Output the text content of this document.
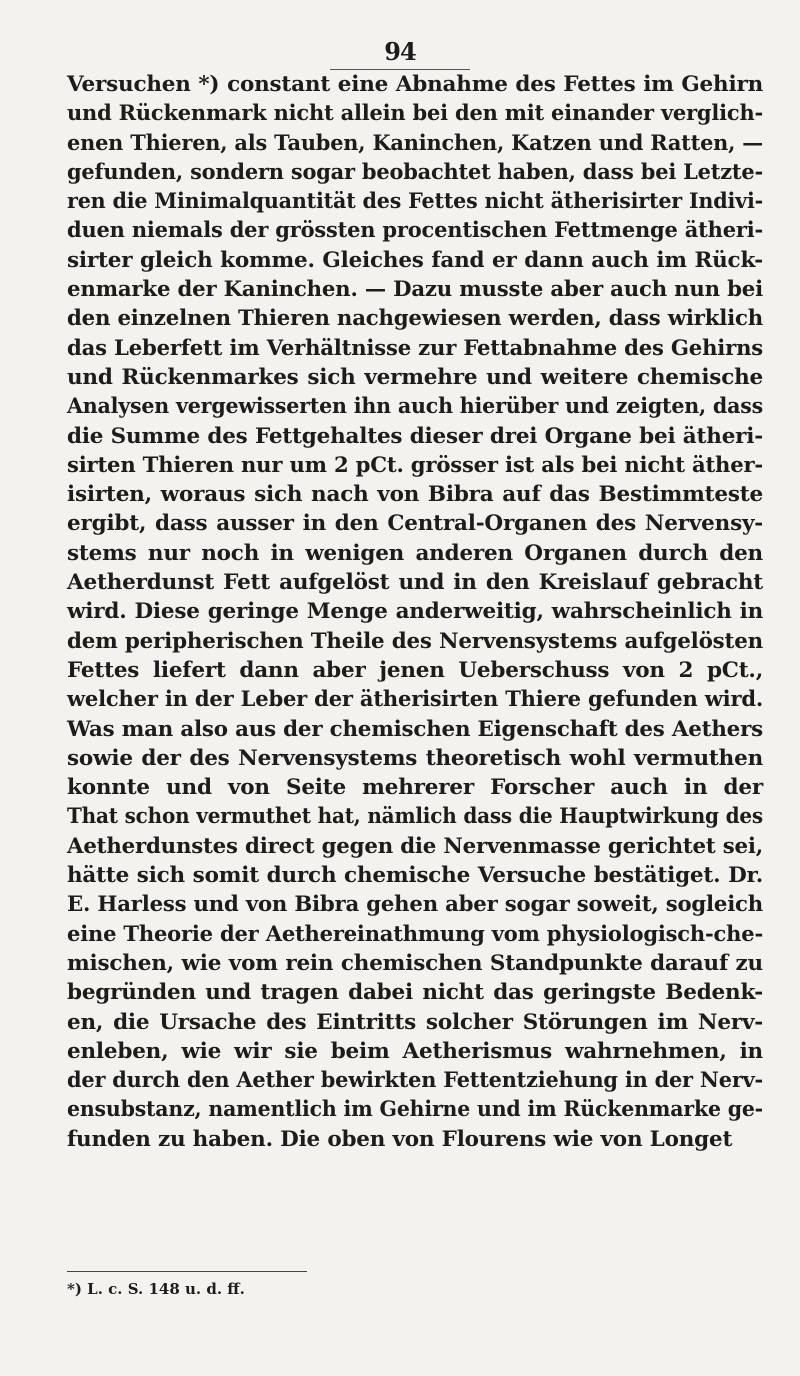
94
Versuchen *) constant eine Abnahme des Fettes im Gehirn
und Rückenmark nicht allein bei den mit einander verglich-
enen Thieren, als Tauben, Kaninchen, Katzen und Ratten, —
gefunden, sondern sogar beobachtet haben, dass bei Letzte-
ren die Minimalquantität des Fettes nicht ätherisirter Indivi-
duen niemals der grössten procentischen Fettmenge ätheri-
sirter gleich komme. Gleiches fand er dann auch im Rück-
enmarke der Kaninchen. — Dazu musste aber auch nun bei
den einzelnen Thieren nachgewiesen werden, dass wirklich
das Leberfett im Verhältnisse zur Fettabnahme des Gehirns
und Rückenmarkes sich vermehre und weitere chemische
Analysen vergewisserten ihn auch hierüber und zeigten, dass
die Summe des Fettgehaltes dieser drei Organe bei ätheri-
sirten Thieren nur um 2 pCt. grösser ist als bei nicht äther-
isirten, woraus sich nach von Bibra auf das Bestimmteste
ergibt, dass ausser in den Central-Organen des Nervensy-
stems nur noch in wenigen anderen Organen durch den
Aetherdunst Fett aufgelöst und in den Kreislauf gebracht
wird. Diese geringe Menge anderweitig, wahrscheinlich in
dem peripherischen Theile des Nervensystems aufgelösten
Fettes liefert dann aber jenen Ueberschuss von 2 pCt.,
welcher in der Leber der ätherisirten Thiere gefunden wird.
Was man also aus der chemischen Eigenschaft des Aethers
sowie der des Nervensystems theoretisch wohl vermuthen
konnte und von Seite mehrerer Forscher auch in der
That schon vermuthet hat, nämlich dass die Hauptwirkung des
Aetherdunstes direct gegen die Nervenmasse gerichtet sei,
hätte sich somit durch chemische Versuche bestätiget. Dr.
E. Harless und von Bibra gehen aber sogar soweit, sogleich
eine Theorie der Aethereinathmung vom physiologisch-che-
mischen, wie vom rein chemischen Standpunkte darauf zu
begründen und tragen dabei nicht das geringste Bedenk-
en, die Ursache des Eintritts solcher Störungen im Nerv-
enleben, wie wir sie beim Aetherismus wahrnehmen, in
der durch den Aether bewirkten Fettentziehung in der Nerv-
ensubstanz, namentlich im Gehirne und im Rückenmarke ge-
funden zu haben. Die oben von Flourens wie von Longet
*) L. c. S. 148 u. d. ff.
